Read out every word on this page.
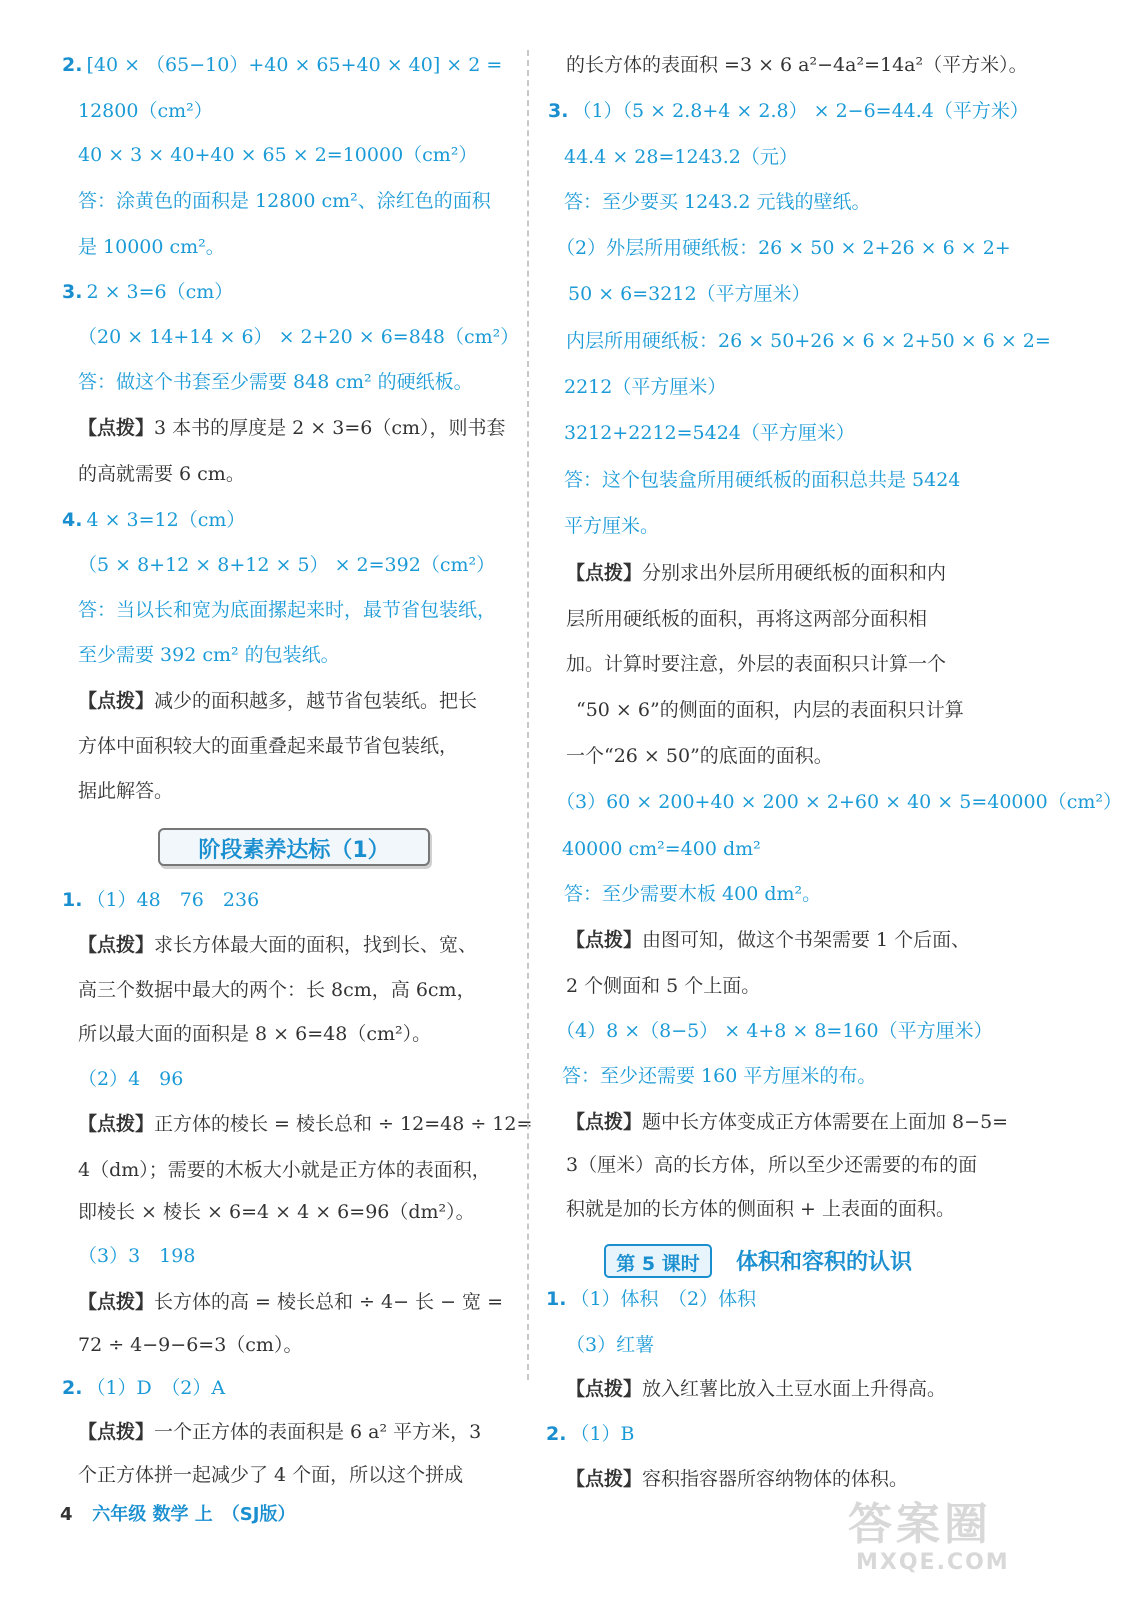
2. [40 × （65−10）+40 × 65+40 × 40] × 2 =
12800（cm²）
40 × 3 × 40+40 × 65 × 2=10000（cm²）
答：涂黄色的面积是 12800 cm²、涂红色的面积
是 10000 cm²。
3. 2 × 3=6（cm）
（20 × 14+14 × 6） × 2+20 × 6=848（cm²）
答：做这个书套至少需要 848 cm² 的硬纸板。
【点拨】3 本书的厚度是 2 × 3=6（cm），则书套
的高就需要 6 cm。
4. 4 × 3=12（cm）
（5 × 8+12 × 8+12 × 5） × 2=392（cm²）
答：当以长和宽为底面摞起来时，最节省包装纸，
至少需要 392 cm² 的包装纸。
【点拨】减少的面积越多，越节省包装纸。把长
方体中面积较大的面重叠起来最节省包装纸，
据此解答。
1. （1）48　76　236
【点拨】求长方体最大面的面积，找到长、宽、
高三个数据中最大的两个：长 8cm，高 6cm，
所以最大面的面积是 8 × 6=48（cm²）。
（2）4　96
【点拨】正方体的棱长 = 棱长总和 ÷ 12=48 ÷ 12=
4（dm）；需要的木板大小就是正方体的表面积，
即棱长 × 棱长 × 6=4 × 4 × 6=96（dm²）。
（3）3　198
【点拨】长方体的高 = 棱长总和 ÷ 4− 长 − 宽 =
72 ÷ 4−9−6=3（cm）。
2. （1）D　（2）A
【点拨】一个正方体的表面积是 6 a² 平方米，3
个正方体拼一起减少了 4 个面，所以这个拼成
的长方体的表面积 =3 × 6 a²−4a²=14a²（平方米）。
3. （1）（5 × 2.8+4 × 2.8） × 2−6=44.4（平方米）
44.4 × 28=1243.2（元）
答：至少要买 1243.2 元钱的壁纸。
（2）外层所用硬纸板：26 × 50 × 2+26 × 6 × 2+
50 × 6=3212（平方厘米）
内层所用硬纸板：26 × 50+26 × 6 × 2+50 × 6 × 2=
2212（平方厘米）
3212+2212=5424（平方厘米）
答：这个包装盒所用硬纸板的面积总共是 5424
平方厘米。
【点拨】分别求出外层所用硬纸板的面积和内
层所用硬纸板的面积，再将这两部分面积相
加。计算时要注意，外层的表面积只计算一个
“50 × 6”的侧面的面积，内层的表面积只计算
一个“26 × 50”的底面的面积。
（3）60 × 200+40 × 200 × 2+60 × 40 × 5=40000（cm²）
40000 cm²=400 dm²
答：至少需要木板 400 dm²。
【点拨】由图可知，做这个书架需要 1 个后面、
2 个侧面和 5 个上面。
（4）8 ×（8−5） × 4+8 × 8=160（平方厘米）
答：至少还需要 160 平方厘米的布。
【点拨】题中长方体变成正方体需要在上面加 8−5=
3（厘米）高的长方体，所以至少还需要的布的面
积就是加的长方体的侧面积 + 上表面的面积。
1. （1）体积　（2）体积
（3）红薯
【点拨】放入红薯比放入土豆水面上升得高。
2. （1）B
【点拨】容积指容器所容纳物体的体积。
阶段素养达标（1）
第 5 课时	体积和容积的认识
4 六年级 数学 上　（SJ版）	答案圈
MXQE.COM
